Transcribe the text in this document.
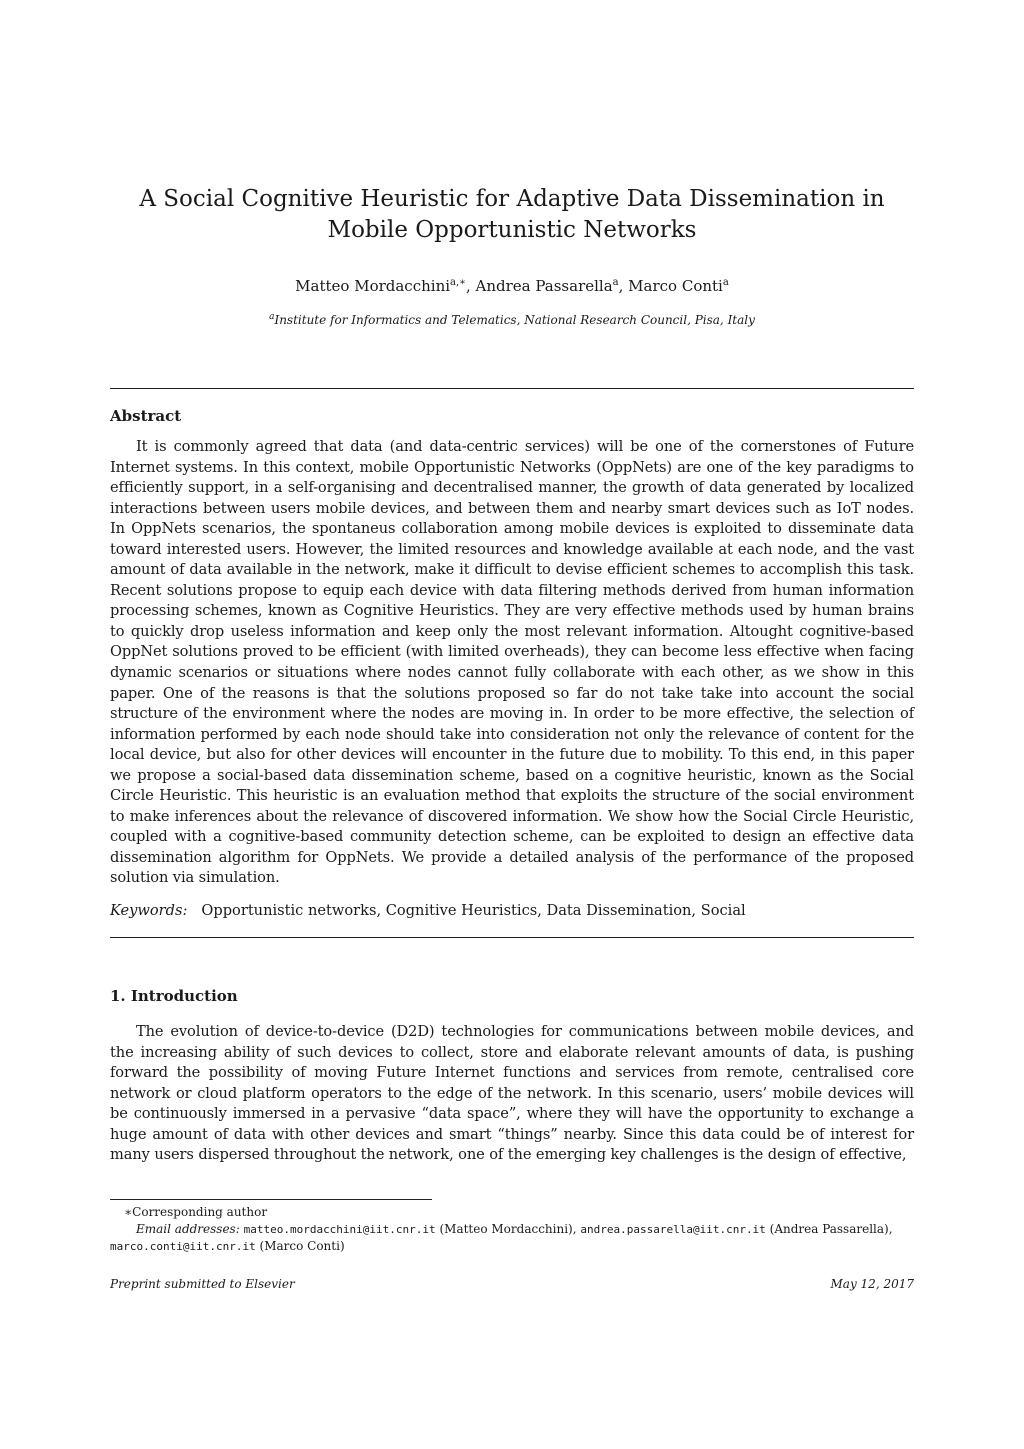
A Social Cognitive Heuristic for Adaptive Data Dissemination in Mobile Opportunistic Networks
Matteo Mordacchini$^{a,∗}$, Andrea Passarella$^a$, Marco Conti$^a$
$^a$Institute for Informatics and Telematics, National Research Council, Pisa, Italy
Abstract

It is commonly agreed that data (and data-centric services) will be one of the cornerstones of Future Internet systems. In this context, mobile Opportunistic Networks (OppNets) are one of the key paradigms to efficiently support, in a self-organising and decentralised manner, the growth of data generated by localized interactions between users mobile devices, and between them and nearby smart devices such as IoT nodes. In OppNets scenarios, the spontaneus collaboration among mobile devices is exploited to disseminate data toward interested users. However, the limited resources and knowledge available at each node, and the vast amount of data available in the network, make it difficult to devise efficient schemes to accomplish this task. Recent solutions propose to equip each device with data filtering methods derived from human information processing schemes, known as Cognitive Heuristics. They are very effective methods used by human brains to quickly drop useless information and keep only the most relevant information. Altought cognitive-based OppNet solutions proved to be efficient (with limited overheads), they can become less effective when facing dynamic scenarios or situations where nodes cannot fully collaborate with each other, as we show in this paper. One of the reasons is that the solutions proposed so far do not take take into account the social structure of the environment where the nodes are moving in. In order to be more effective, the selection of information performed by each node should take into consideration not only the relevance of content for the local device, but also for other devices will encounter in the future due to mobility. To this end, in this paper we propose a social-based data dissemination scheme, based on a cognitive heuristic, known as the Social Circle Heuristic. This heuristic is an evaluation method that exploits the structure of the social environment to make inferences about the relevance of discovered information. We show how the Social Circle Heuristic, coupled with a cognitive-based community detection scheme, can be exploited to design an effective data dissemination algorithm for OppNets. We provide a detailed analysis of the performance of the proposed solution via simulation.

Keywords: Opportunistic networks, Cognitive Heuristics, Data Dissemination, Social
1. Introduction

The evolution of device-to-device (D2D) technologies for communications between mobile devices, and the increasing ability of such devices to collect, store and elaborate relevant amounts of data, is pushing forward the possibility of moving Future Internet functions and services from remote, centralised core network or cloud platform operators to the edge of the network. In this scenario, users’ mobile devices will be continuously immersed in a pervasive “data space”, where they will have the opportunity to exchange a huge amount of data with other devices and smart “things” nearby. Since this data could be of interest for many users dispersed throughout the network, one of the emerging key challenges is the design of effective,

∗Corresponding author
Email addresses: matteo.mordacchini@iit.cnr.it (Matteo Mordacchini), andrea.passarella@iit.cnr.it (Andrea Passarella), marco.conti@iit.cnr.it (Marco Conti)
Preprint submitted to Elsevier	May 12, 2017
